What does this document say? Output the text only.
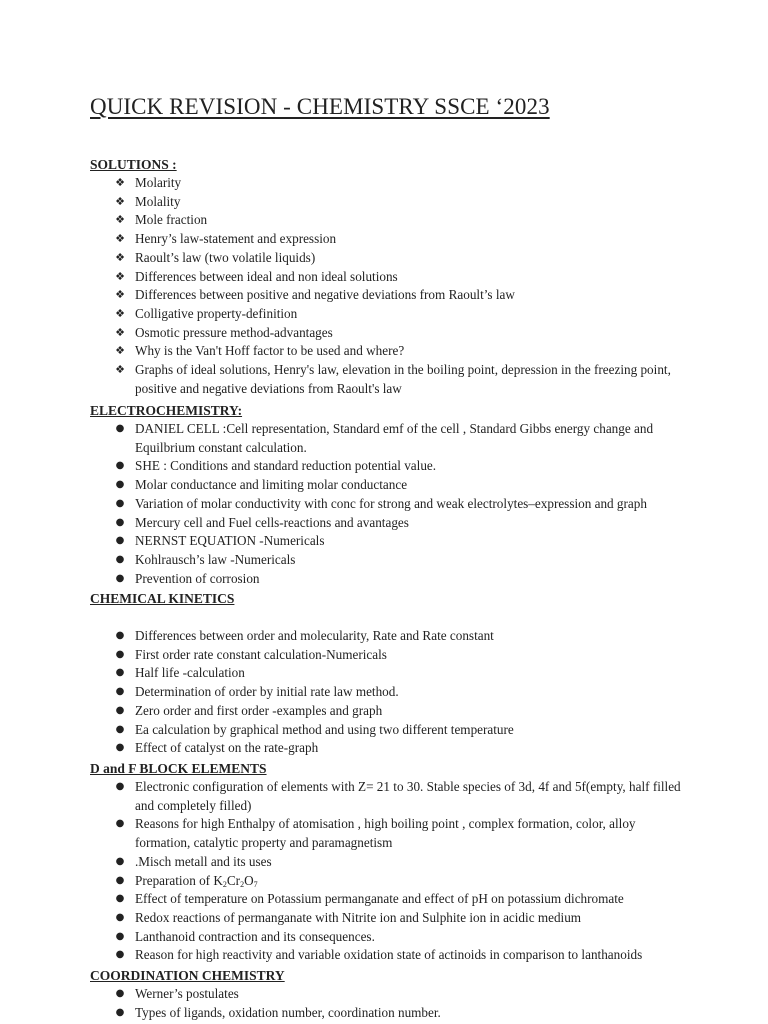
QUICK REVISION - CHEMISTRY SSCE ‘2023
SOLUTIONS :
❖ Molarity
❖ Molality
❖ Mole fraction
❖ Henry’s law-statement and expression
❖ Raoult’s law (two volatile liquids)
❖ Differences between ideal and non ideal solutions
❖ Differences between positive and negative deviations from Raoult’s law
❖ Colligative property-definition
❖ Osmotic pressure method-advantages
❖ Why is the Van't Hoff factor to be used and where?
❖ Graphs of ideal solutions, Henry's law, elevation in the boiling point, depression in the freezing point, positive and negative deviations from Raoult's law
ELECTROCHEMISTRY:
● DANIEL CELL :Cell representation, Standard emf of the cell , Standard Gibbs energy change and Equilbrium constant calculation.
● SHE : Conditions and standard reduction potential value.
● Molar conductance and limiting molar conductance
● Variation of molar conductivity with conc for strong and weak electrolytes–expression and graph
● Mercury cell and Fuel cells-reactions and avantages
● NERNST EQUATION -Numericals
● Kohlrausch’s law -Numericals
● Prevention of corrosion
CHEMICAL KINETICS
● Differences between order and molecularity, Rate and Rate constant
● First order rate constant calculation-Numericals
● Half life -calculation
● Determination of order by initial rate law method.
● Zero order and first order -examples and graph
● Ea calculation by graphical method and using two different temperature
● Effect of catalyst on the rate-graph
D and F BLOCK ELEMENTS
● Electronic configuration of elements with Z= 21 to 30. Stable species of 3d, 4f and 5f(empty, half filled and completely filled)
● Reasons for high Enthalpy of atomisation , high boiling point , complex formation, color, alloy formation, catalytic property and paramagnetism
● .Misch metall and its uses
● Preparation of $K_2Cr_2O_7$
● Effect of temperature on Potassium permanganate and effect of pH on potassium dichromate
● Redox reactions of permanganate with Nitrite ion and Sulphite ion in acidic medium
● Lanthanoid contraction and its consequences.
● Reason for high reactivity and variable oxidation state of actinoids in comparison to lanthanoids
COORDINATION CHEMISTRY
● Werner’s postulates
● Types of ligands, oxidation number, coordination number.
